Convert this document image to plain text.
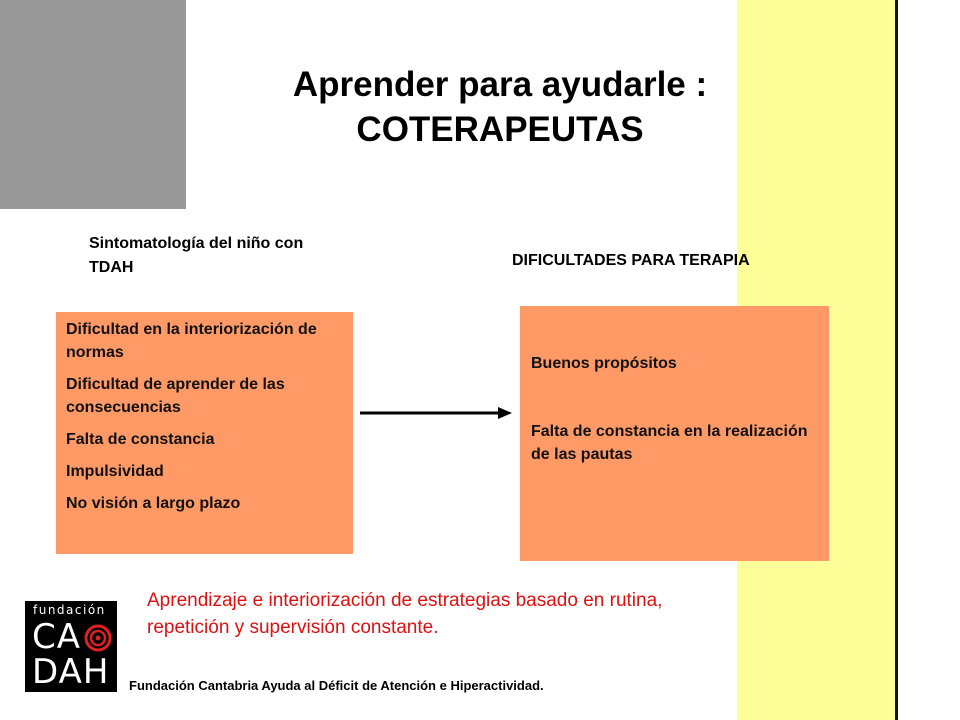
Aprender para ayudarle :
COTERAPEUTAS
Sintomatología del niño con TDAH	DIFICULTADES PARA TERAPIA
Dificultad en la interiorización de normas
Dificultad de aprender de las consecuencias
Falta de constancia
Impulsividad
No visión a largo plazo
Buenos propósitos
Falta de constancia en la realización de las pautas
Aprendizaje e interiorización de estrategias basado en rutina, repetición y supervisión constante.
fundación
CA
DAH Fundación Cantabria Ayuda al Déficit de Atención e Hiperactividad.
